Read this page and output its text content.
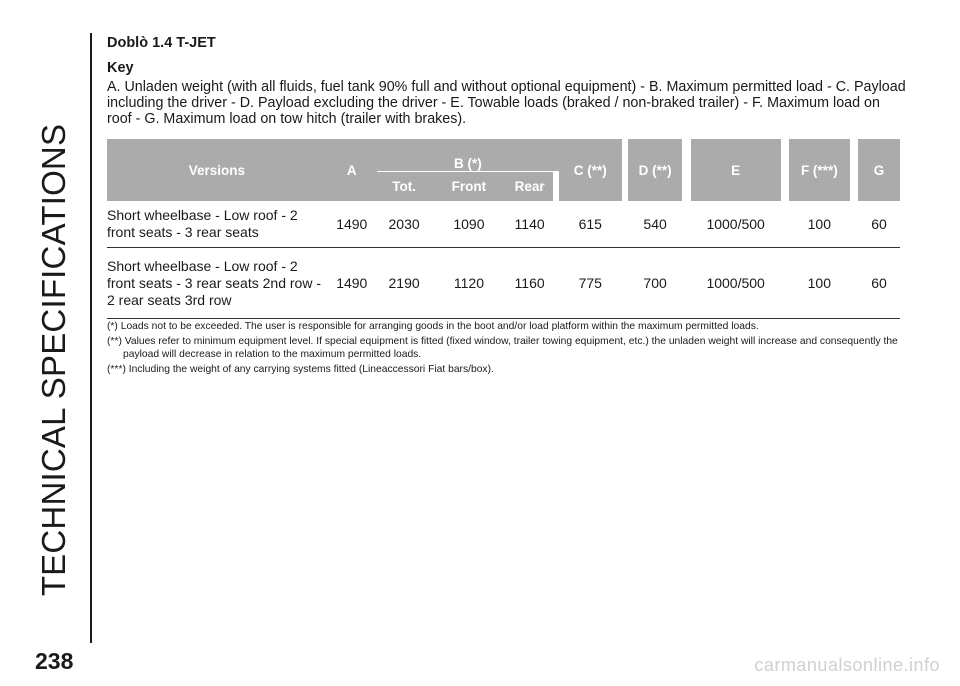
TECHNICAL SPECIFICATIONS
238
Doblò 1.4 T-JET
Key

A. Unladen weight (with all fluids, fuel tank 90% full and without optional equipment) - B. Maximum permitted load - C. Payload including the driver - D. Payload excluding the driver - E. Towable loads (braked / non-braked trailer) - F. Maximum load on roof - G. Maximum load on tow hitch (trailer with brakes).

Versions	A	B (*)						C (**)		D (**)		E		F (***)		G
		Tot.		Front		Rear										
Short wheelbase - Low roof - 2 front seats - 3 rear seats	1490	2030		1090		1140		615		540		1000/500		100		60
Short wheelbase - Low roof - 2 front seats - 3 rear seats 2nd row - 2 rear seats 3rd row	1490	2190		1120		1160		775		700		1000/500		100		60

(*) Loads not to be exceeded. The user is responsible for arranging goods in the boot and/or load platform within the maximum permitted loads.

(**) Values refer to minimum equipment level. If special equipment is fitted (fixed window, trailer towing equipment, etc.) the unladen weight will increase and consequently the
payload will decrease in relation to the maximum permitted loads.

(***) Including the weight of any carrying systems fitted (Lineaccessori Fiat bars/box).

carmanualsonline.info
